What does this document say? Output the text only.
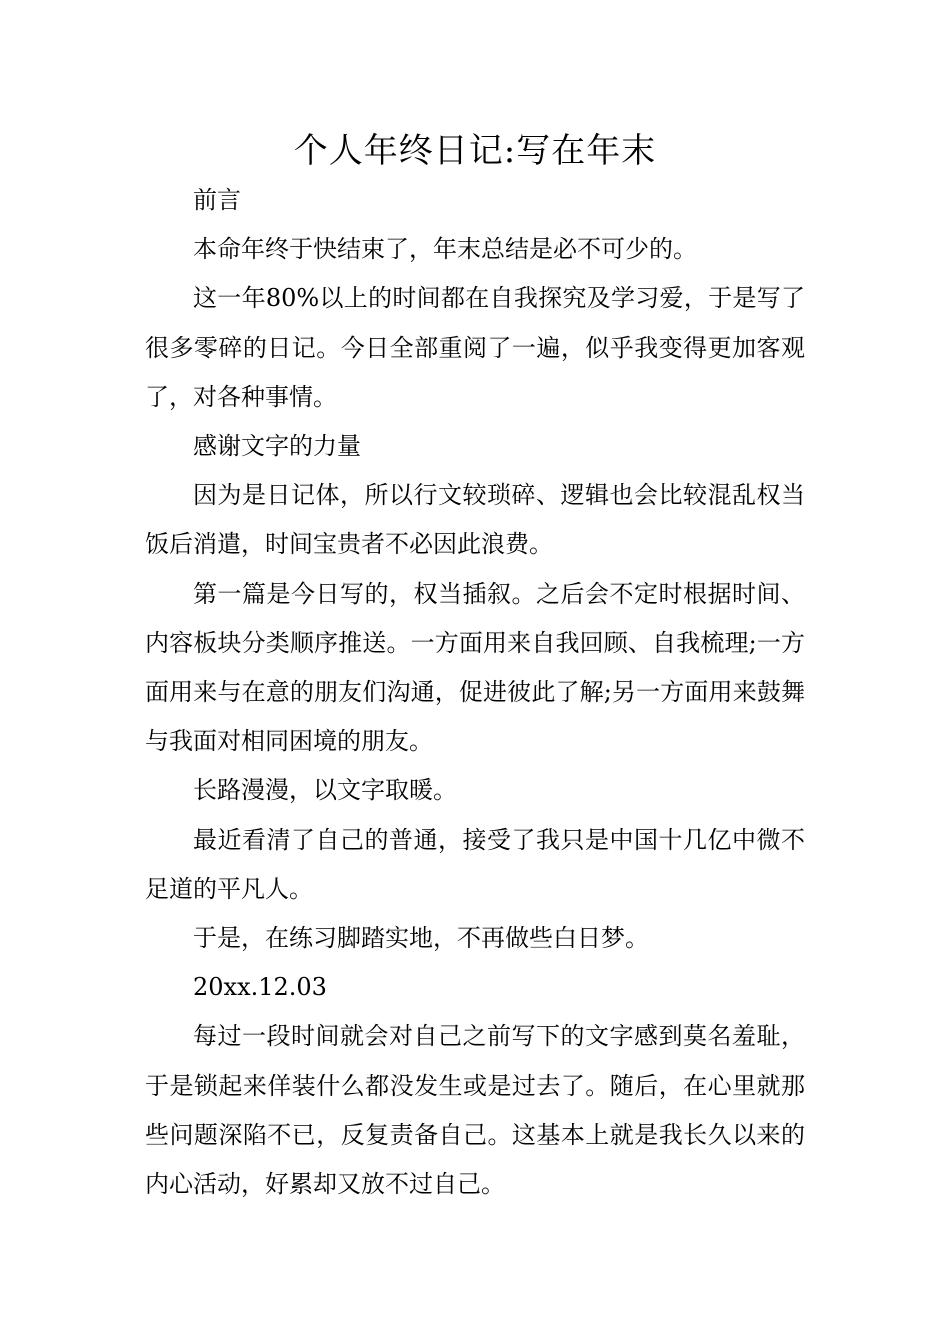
个人年终日记:写在年末

前言

本命年终于快结束了，年末总结是必不可少的。

这一年80%以上的时间都在自我探究及学习爱，于是写了很多零碎的日记。今日全部重阅了一遍，似乎我变得更加客观了，对各种事情。

感谢文字的力量

因为是日记体，所以行文较琐碎、逻辑也会比较混乱权当饭后消遣，时间宝贵者不必因此浪费。

第一篇是今日写的，权当插叙。之后会不定时根据时间、内容板块分类顺序推送。一方面用来自我回顾、自我梳理;一方面用来与在意的朋友们沟通，促进彼此了解;另一方面用来鼓舞与我面对相同困境的朋友。

长路漫漫，以文字取暖。

最近看清了自己的普通，接受了我只是中国十几亿中微不足道的平凡人。

于是，在练习脚踏实地，不再做些白日梦。

20xx.12.03

每过一段时间就会对自己之前写下的文字感到莫名羞耻，于是锁起来佯装什么都没发生或是过去了。随后，在心里就那些问题深陷不已，反复责备自己。这基本上就是我长久以来的内心活动，好累却又放不过自己。
